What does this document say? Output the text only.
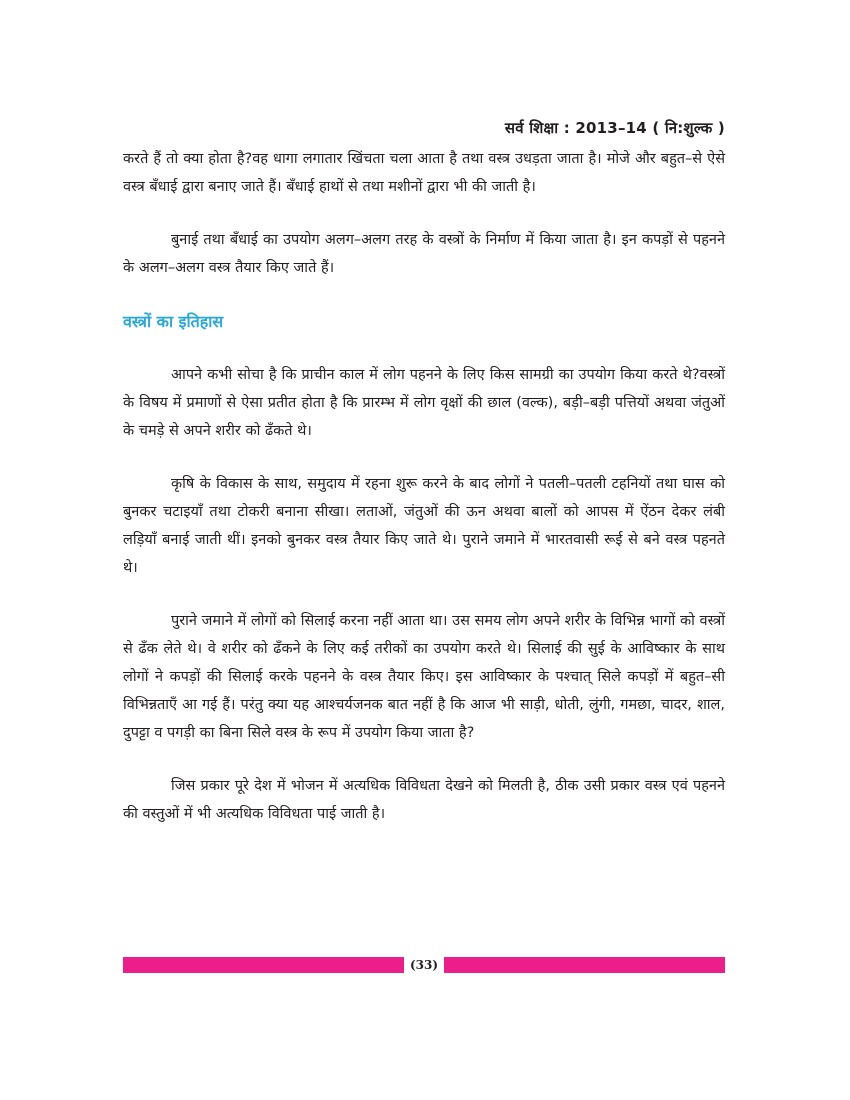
सर्व शिक्षा : 2013–14 ( नि:शुल्क )

करते हैं तो क्या होता है?वह धागा लगातार खिंचता चला आता है तथा वस्त्र उधड़ता जाता है। मोजे और बहुत–से ऐसे वस्त्र बँधाई द्वारा बनाए जाते हैं। बँधाई हाथों से तथा मशीनों द्वारा भी की जाती है।

बुनाई तथा बँधाई का उपयोग अलग–अलग तरह के वस्त्रों के निर्माण में किया जाता है। इन कपड़ों से पहनने के अलग–अलग वस्त्र तैयार किए जाते हैं।

वस्त्रों का इतिहास

आपने कभी सोचा है कि प्राचीन काल में लोग पहनने के लिए किस सामग्री का उपयोग किया करते थे?वस्त्रों के विषय में प्रमाणों से ऐसा प्रतीत होता है कि प्रारम्भ में लोग वृक्षों की छाल (वल्क), बड़ी–बड़ी पत्तियों अथवा जंतुओं के चमड़े से अपने शरीर को ढँकते थे।

कृषि के विकास के साथ, समुदाय में रहना शुरू करने के बाद लोगों ने पतली–पतली टहनियों तथा घास को बुनकर चटाइयाँ तथा टोकरी बनाना सीखा। लताओं, जंतुओं की ऊन अथवा बालों को आपस में ऐंठन देकर लंबी लड़ियाँ बनाई जाती थीं। इनको बुनकर वस्त्र तैयार किए जाते थे। पुराने जमाने में भारतवासी रूई से बने वस्त्र पहनते थे।

पुराने जमाने में लोगों को सिलाई करना नहीं आता था। उस समय लोग अपने शरीर के विभिन्न भागों को वस्त्रों से ढँक लेते थे। वे शरीर को ढँकने के लिए कई तरीकों का उपयोग करते थे। सिलाई की सुई के आविष्कार के साथ लोगों ने कपड़ों की सिलाई करके पहनने के वस्त्र तैयार किए। इस आविष्कार के पश्चात् सिले कपड़ों में बहुत–सी विभिन्नताएँ आ गई हैं। परंतु क्या यह आश्चर्यजनक बात नहीं है कि आज भी साड़ी, धोती, लुंगी, गमछा, चादर, शाल, दुपट्टा व पगड़ी का बिना सिले वस्त्र के रूप में उपयोग किया जाता है?

जिस प्रकार पूरे देश में भोजन में अत्यधिक विविधता देखने को मिलती है, ठीक उसी प्रकार वस्त्र एवं पहनने की वस्तुओं में भी अत्यधिक विविधता पाई जाती है।

(33)
